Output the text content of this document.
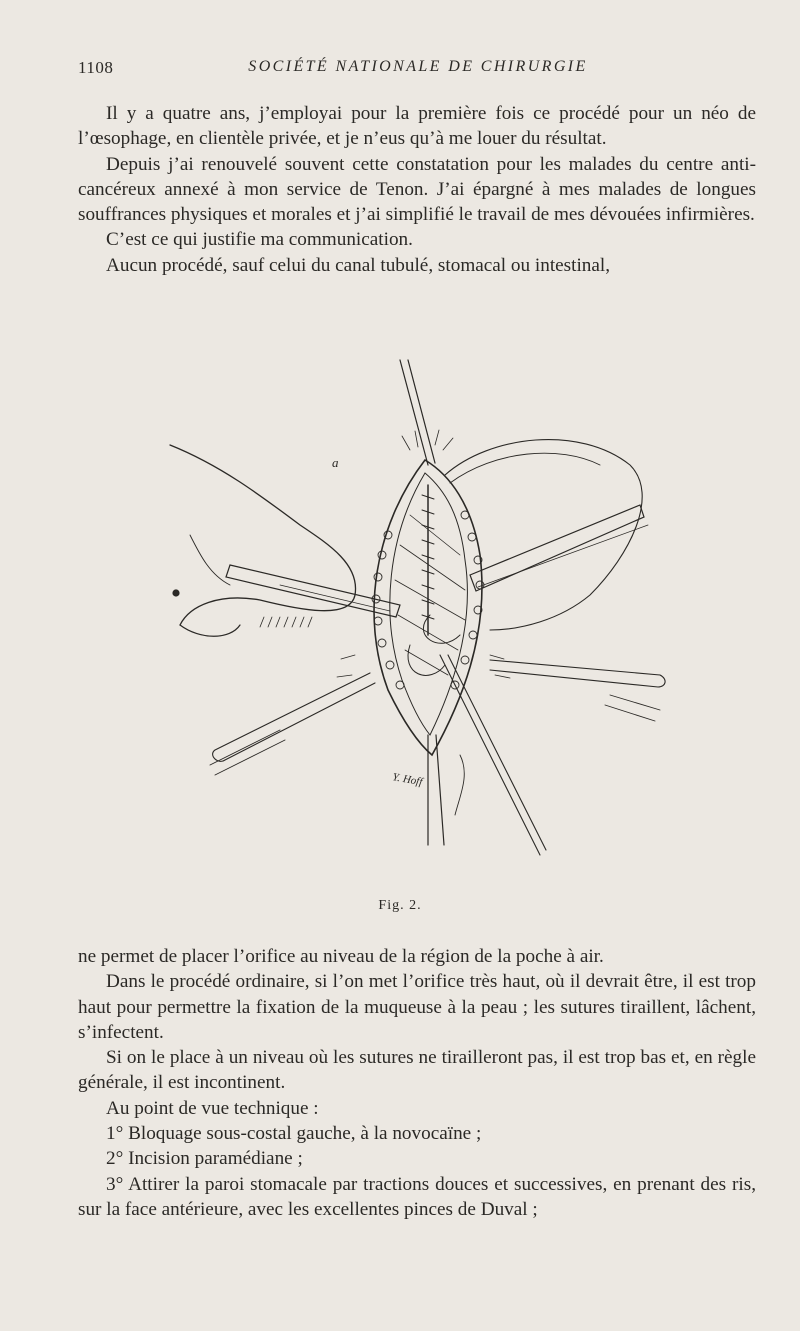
1108	SOCIÉTÉ NATIONALE DE CHIRURGIE

Il y a quatre ans, j’employai pour la première fois ce procédé pour un néo de l’œsophage, en clientèle privée, et je n’eus qu’à me louer du résultat.

Depuis j’ai renouvelé souvent cette constatation pour les malades du centre anti-cancéreux annexé à mon service de Tenon. J’ai épargné à mes malades de longues souffrances physiques et morales et j’ai simplifié le travail de mes dévouées infirmières.

C’est ce qui justifie ma communication.

Aucun procédé, sauf celui du canal tubulé, stomacal ou intestinal,

a
Y. Hoff
Fig. 2.

ne permet de placer l’orifice au niveau de la région de la poche à air.

Dans le procédé ordinaire, si l’on met l’orifice très haut, où il devrait être, il est trop haut pour permettre la fixation de la muqueuse à la peau ; les sutures tiraillent, lâchent, s’infectent.

Si on le place à un niveau où les sutures ne tirailleront pas, il est trop bas et, en règle générale, il est incontinent.

Au point de vue technique :

1° Bloquage sous-costal gauche, à la novocaïne ;

2° Incision paramédiane ;

3° Attirer la paroi stomacale par tractions douces et successives, en prenant des ris, sur la face antérieure, avec les excellentes pinces de Duval ;
